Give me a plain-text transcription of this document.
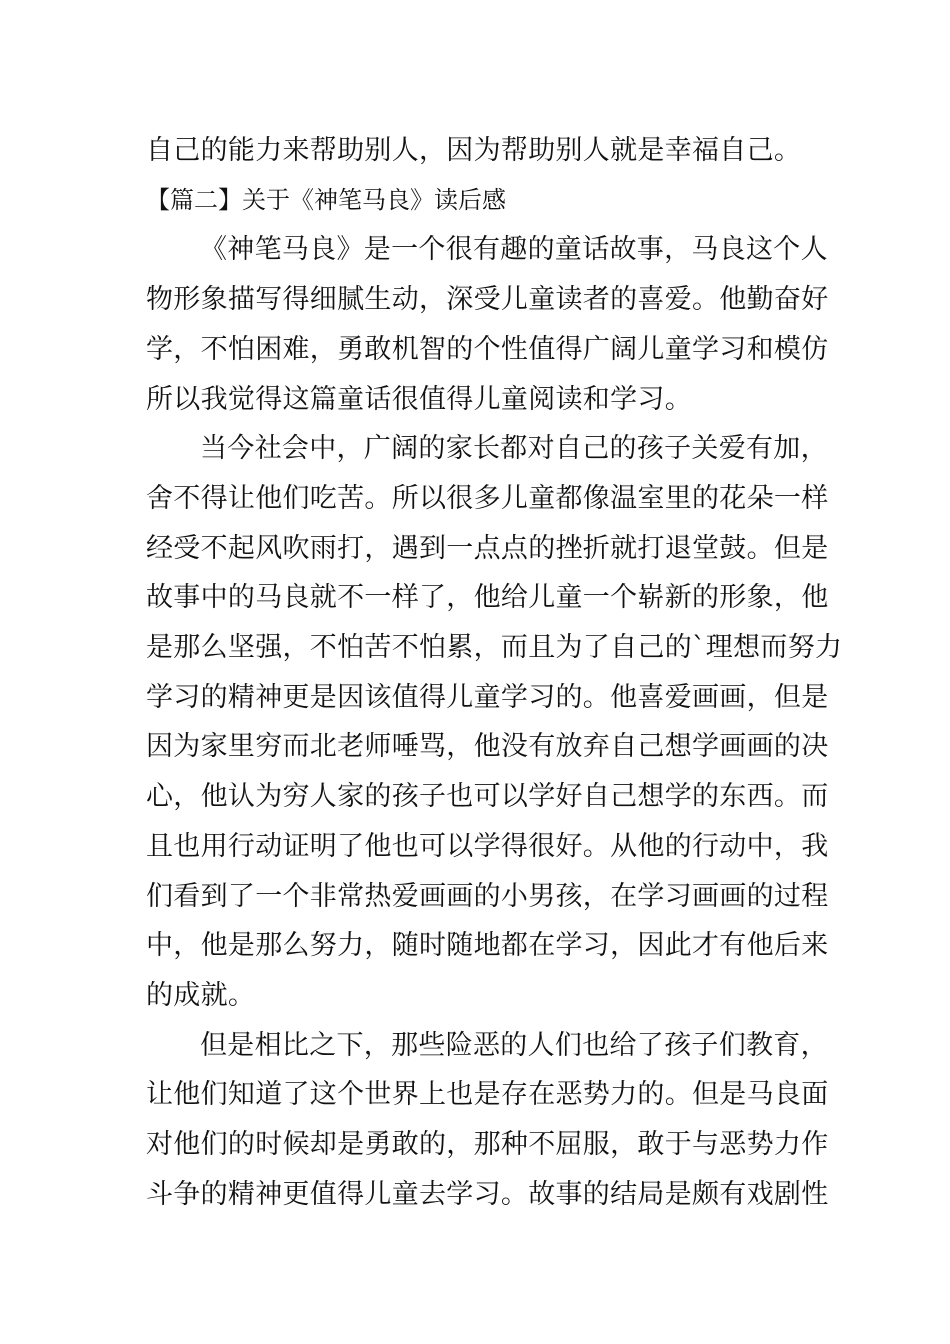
自己的能力来帮助别人，因为帮助别人就是幸福自己。
【篇二】关于《神笔马良》读后感
《神笔马良》是一个很有趣的童话故事，马良这个人
物形象描写得细腻生动，深受儿童读者的喜爱。他勤奋好
学，不怕困难，勇敢机智的个性值得广阔儿童学习和模仿
所以我觉得这篇童话很值得儿童阅读和学习。
当今社会中，广阔的家长都对自己的孩子关爱有加，
舍不得让他们吃苦。所以很多儿童都像温室里的花朵一样
经受不起风吹雨打，遇到一点点的挫折就打退堂鼓。但是
故事中的马良就不一样了，他给儿童一个崭新的形象，他
是那么坚强，不怕苦不怕累，而且为了自己的`理想而努力
学习的精神更是因该值得儿童学习的。他喜爱画画，但是
因为家里穷而北老师唾骂，他没有放弃自己想学画画的决
心，他认为穷人家的孩子也可以学好自己想学的东西。而
且也用行动证明了他也可以学得很好。从他的行动中，我
们看到了一个非常热爱画画的小男孩，在学习画画的过程
中，他是那么努力，随时随地都在学习，因此才有他后来
的成就。
但是相比之下，那些险恶的人们也给了孩子们教育，
让他们知道了这个世界上也是存在恶势力的。但是马良面
对他们的时候却是勇敢的，那种不屈服，敢于与恶势力作
斗争的精神更值得儿童去学习。故事的结局是颇有戏剧性
